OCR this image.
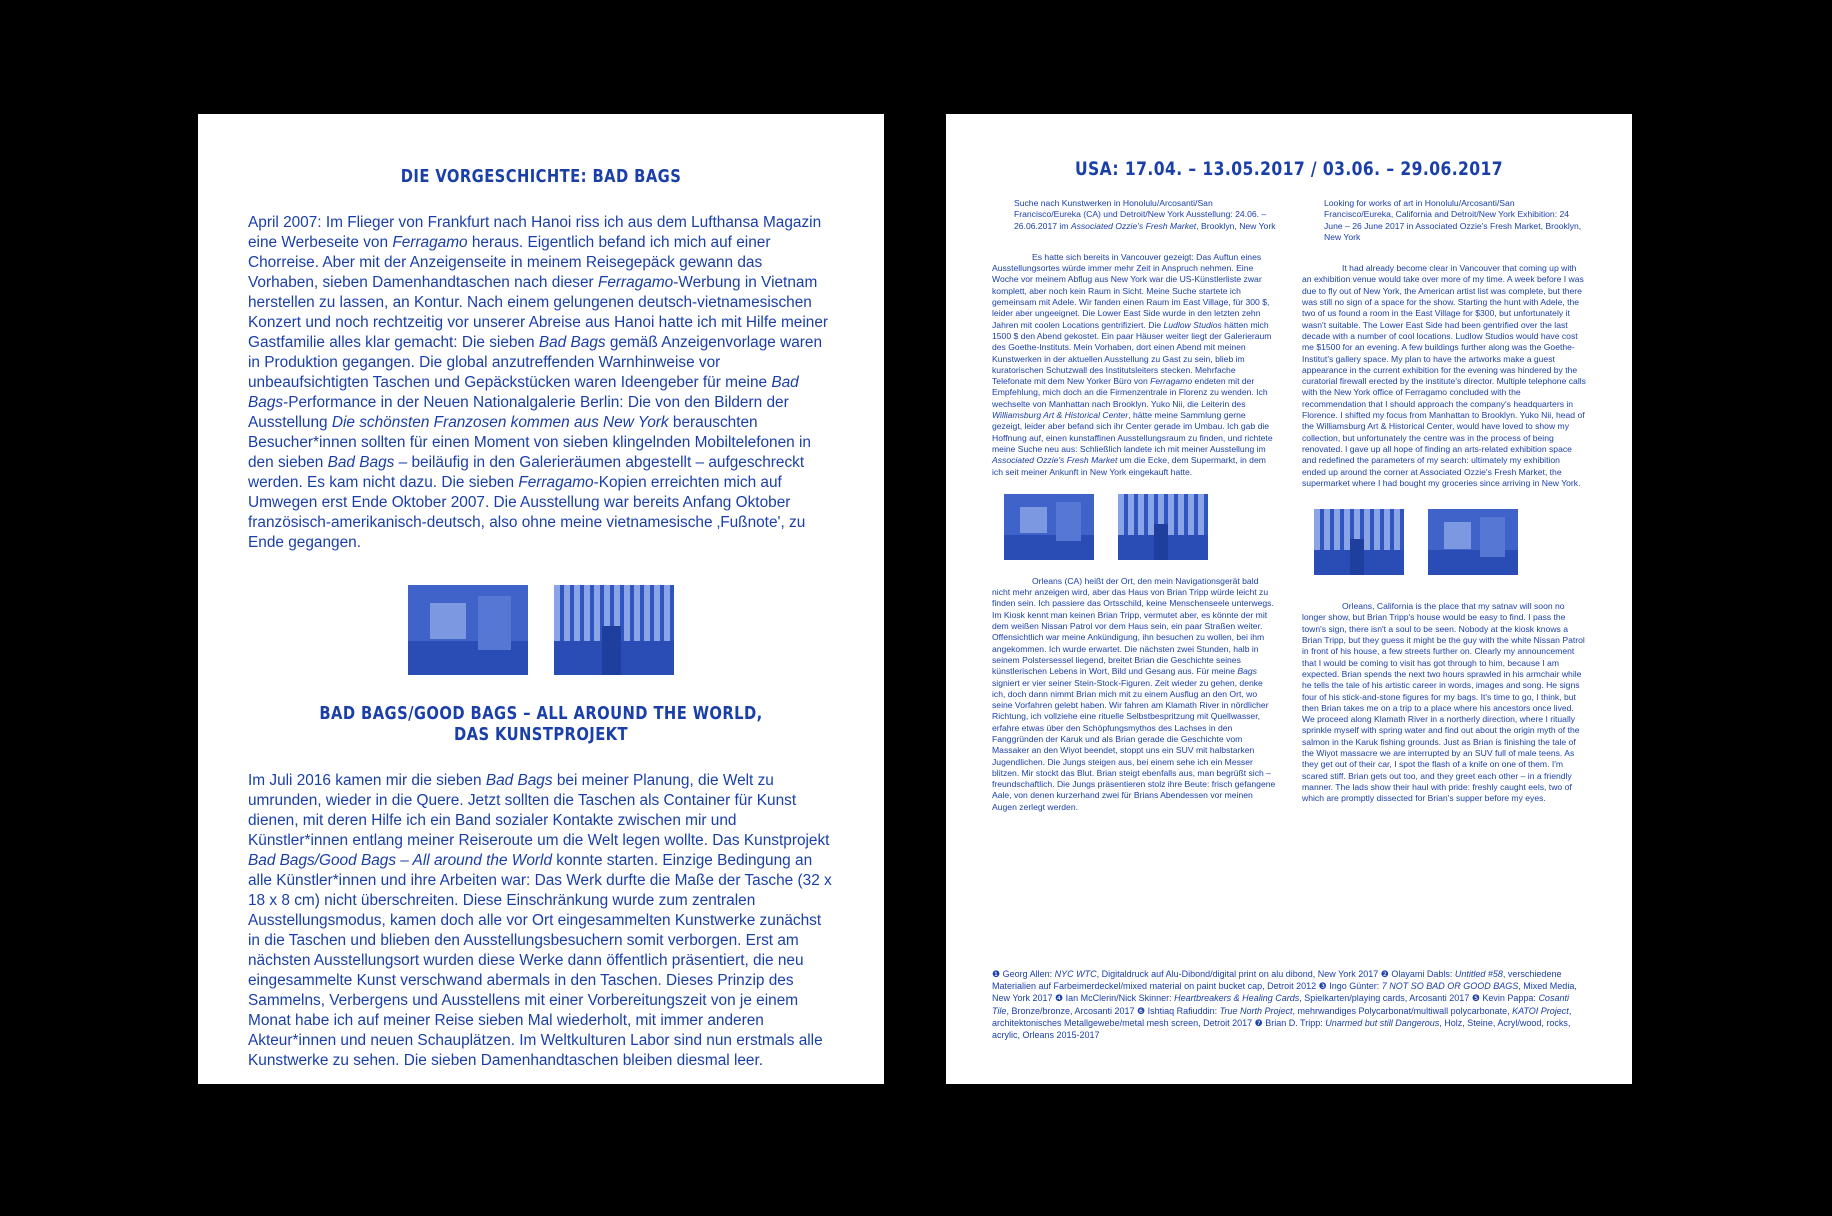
DIE VORGESCHICHTE: BAD BAGS

April 2007: Im Flieger von Frankfurt nach Hanoi riss ich aus dem Lufthansa Magazin eine Werbeseite von Ferragamo heraus. Eigentlich befand ich mich auf einer Chorreise. Aber mit der Anzeigenseite in meinem Reisegepäck gewann das Vorhaben, sieben Damenhandtaschen nach dieser Ferragamo-Werbung in Vietnam herstellen zu lassen, an Kontur. Nach einem gelungenen deutsch-vietnamesischen Konzert und noch rechtzeitig vor unserer Abreise aus Hanoi hatte ich mit Hilfe meiner Gastfamilie alles klar gemacht: Die sieben Bad Bags gemäß Anzeigenvorlage waren in Produktion gegangen. Die global anzutreffenden Warnhinweise vor unbeaufsichtigten Taschen und Gepäckstücken waren Ideengeber für meine Bad Bags-Performance in der Neuen Nationalgalerie Berlin: Die von den Bildern der Ausstellung Die schönsten Franzosen kommen aus New York berauschten Besucher*innen sollten für einen Moment von sieben klingelnden Mobiltelefonen in den sieben Bad Bags – beiläufig in den Galerieräumen abgestellt – aufgeschreckt werden. Es kam nicht dazu. Die sieben Ferragamo-Kopien erreichten mich auf Umwegen erst Ende Oktober 2007. Die Ausstellung war bereits Anfang Oktober französisch-amerikanisch-deutsch, also ohne meine vietnamesische ‚Fußnote', zu Ende gegangen.

BAD BAGS/GOOD BAGS – ALL AROUND THE WORLD, DAS KUNSTPROJEKT

Im Juli 2016 kamen mir die sieben Bad Bags bei meiner Planung, die Welt zu umrunden, wieder in die Quere. Jetzt sollten die Taschen als Container für Kunst dienen, mit deren Hilfe ich ein Band sozialer Kontakte zwischen mir und Künstler*innen entlang meiner Reiseroute um die Welt legen wollte. Das Kunstprojekt Bad Bags/Good Bags – All around the World konnte starten. Einzige Bedingung an alle Künstler*innen und ihre Arbeiten war: Das Werk durfte die Maße der Tasche (32 x 18 x 8 cm) nicht überschreiten. Diese Einschränkung wurde zum zentralen Ausstellungsmodus, kamen doch alle vor Ort eingesammelten Kunstwerke zunächst in die Taschen und blieben den Ausstellungsbesuchern somit verborgen. Erst am nächsten Ausstellungsort wurden diese Werke dann öffentlich präsentiert, die neu eingesammelte Kunst verschwand abermals in den Taschen. Dieses Prinzip des Sammelns, Verbergens und Ausstellens mit einer Vorbereitungszeit von je einem Monat habe ich auf meiner Reise sieben Mal wiederholt, mit immer anderen Akteur*innen und neuen Schauplätzen. Im Weltkulturen Labor sind nun erstmals alle Kunstwerke zu sehen. Die sieben Damenhandtaschen bleiben diesmal leer.

USA: 17.04. – 13.05.2017 / 03.06. – 29.06.2017

Suche nach Kunstwerken in Honolulu/Arcosanti/San Francisco/Eureka (CA) und Detroit/New York Ausstellung: 24.06. – 26.06.2017 im Associated Ozzie's Fresh Market, Brooklyn, New York

Es hatte sich bereits in Vancouver gezeigt: Das Auftun eines Ausstellungsortes würde immer mehr Zeit in Anspruch nehmen. Eine Woche vor meinem Abflug aus New York war die US-Künstlerliste zwar komplett, aber noch kein Raum in Sicht. Meine Suche startete ich gemeinsam mit Adele. Wir fanden einen Raum im East Village, für 300 $, leider aber ungeeignet. Die Lower East Side wurde in den letzten zehn Jahren mit coolen Locations gentrifiziert. Die Ludlow Studios hätten mich 1500 $ den Abend gekostet. Ein paar Häuser weiter liegt der Galerieraum des Goethe-Instituts. Mein Vorhaben, dort einen Abend mit meinen Kunstwerken in der aktuellen Ausstellung zu Gast zu sein, blieb im kuratorischen Schutzwall des Institutsleiters stecken. Mehrfache Telefonate mit dem New Yorker Büro von Ferragamo endeten mit der Empfehlung, mich doch an die Firmenzentrale in Florenz zu wenden. Ich wechselte von Manhattan nach Brooklyn. Yuko Nii, die Leiterin des Williamsburg Art & Historical Center, hätte meine Sammlung gerne gezeigt, leider aber befand sich ihr Center gerade im Umbau. Ich gab die Hoffnung auf, einen kunstaffinen Ausstellungsraum zu finden, und richtete meine Suche neu aus: Schließlich landete ich mit meiner Ausstellung im Associated Ozzie's Fresh Market um die Ecke, dem Supermarkt, in dem ich seit meiner Ankunft in New York eingekauft hatte.

Orleans (CA) heißt der Ort, den mein Navigationsgerät bald nicht mehr anzeigen wird, aber das Haus von Brian Tripp würde leicht zu finden sein. Ich passiere das Ortsschild, keine Menschenseele unterwegs. Im Kiosk kennt man keinen Brian Tripp, vermutet aber, es könnte der mit dem weißen Nissan Patrol vor dem Haus sein, ein paar Straßen weiter. Offensichtlich war meine Ankündigung, ihn besuchen zu wollen, bei ihm angekommen. Ich wurde erwartet. Die nächsten zwei Stunden, halb in seinem Polstersessel liegend, breitet Brian die Geschichte seines künstlerischen Lebens in Wort, Bild und Gesang aus. Für meine Bags signiert er vier seiner Stein-Stock-Figuren. Zeit wieder zu gehen, denke ich, doch dann nimmt Brian mich mit zu einem Ausflug an den Ort, wo seine Vorfahren gelebt haben. Wir fahren am Klamath River in nördlicher Richtung, ich vollziehe eine rituelle Selbstbespritzung mit Quellwasser, erfahre etwas über den Schöpfungsmythos des Lachses in den Fanggründen der Karuk und als Brian gerade die Geschichte vom Massaker an den Wiyot beendet, stoppt uns ein SUV mit halbstarken Jugendlichen. Die Jungs steigen aus, bei einem sehe ich ein Messer blitzen. Mir stockt das Blut. Brian steigt ebenfalls aus, man begrüßt sich – freundschaftlich. Die Jungs präsentieren stolz ihre Beute: frisch gefangene Aale, von denen kurzerhand zwei für Brians Abendessen vor meinen Augen zerlegt werden.

Looking for works of art in Honolulu/Arcosanti/San Francisco/Eureka, California and Detroit/New York Exhibition: 24 June – 26 June 2017 in Associated Ozzie's Fresh Market, Brooklyn, New York

It had already become clear in Vancouver that coming up with an exhibition venue would take over more of my time. A week before I was due to fly out of New York, the American artist list was complete, but there was still no sign of a space for the show. Starting the hunt with Adele, the two of us found a room in the East Village for $300, but unfortunately it wasn't suitable. The Lower East Side had been gentrified over the last decade with a number of cool locations. Ludlow Studios would have cost me $1500 for an evening. A few buildings further along was the Goethe-Institut's gallery space. My plan to have the artworks make a guest appearance in the current exhibition for the evening was hindered by the curatorial firewall erected by the institute's director. Multiple telephone calls with the New York office of Ferragamo concluded with the recommendation that I should approach the company's headquarters in Florence. I shifted my focus from Manhattan to Brooklyn. Yuko Nii, head of the Williamsburg Art & Historical Center, would have loved to show my collection, but unfortunately the centre was in the process of being renovated. I gave up all hope of finding an arts-related exhibition space and redefined the parameters of my search: ultimately my exhibition ended up around the corner at Associated Ozzie's Fresh Market, the supermarket where I had bought my groceries since arriving in New York.

Orleans, California is the place that my satnav will soon no longer show, but Brian Tripp's house would be easy to find. I pass the town's sign, there isn't a soul to be seen. Nobody at the kiosk knows a Brian Tripp, but they guess it might be the guy with the white Nissan Patrol in front of his house, a few streets further on. Clearly my announcement that I would be coming to visit has got through to him, because I am expected. Brian spends the next two hours sprawled in his armchair while he tells the tale of his artistic career in words, images and song. He signs four of his stick-and-stone figures for my bags. It's time to go, I think, but then Brian takes me on a trip to a place where his ancestors once lived. We proceed along Klamath River in a northerly direction, where I ritually sprinkle myself with spring water and find out about the origin myth of the salmon in the Karuk fishing grounds. Just as Brian is finishing the tale of the Wiyot massacre we are interrupted by an SUV full of male teens. As they get out of their car, I spot the flash of a knife on one of them. I'm scared stiff. Brian gets out too, and they greet each other – in a friendly manner. The lads show their haul with pride: freshly caught eels, two of which are promptly dissected for Brian's supper before my eyes.

❶ Georg Allen: NYC WTC, Digitaldruck auf Alu-Dibond/digital print on alu dibond, New York 2017 ❷ Olayami Dabls: Untitled #58, verschiedene Materialien auf Farbeimerdeckel/mixed material on paint bucket cap, Detroit 2012 ❸ Ingo Günter: 7 NOT SO BAD OR GOOD BAGS, Mixed Media, New York 2017 ❹ Ian McClerin/Nick Skinner: Heartbreakers & Healing Cards, Spielkarten/playing cards, Arcosanti 2017 ❺ Kevin Pappa: Cosanti Tile, Bronze/bronze, Arcosanti 2017 ❻ Ishtiaq Rafiuddin: True North Project, mehrwandiges Polycarbonat/multiwall polycarbonate, KATOI Project, architektonisches Metallgewebe/metal mesh screen, Detroit 2017 ❼ Brian D. Tripp: Unarmed but still Dangerous, Holz, Steine, Acryl/wood, rocks, acrylic, Orleans 2015-2017
